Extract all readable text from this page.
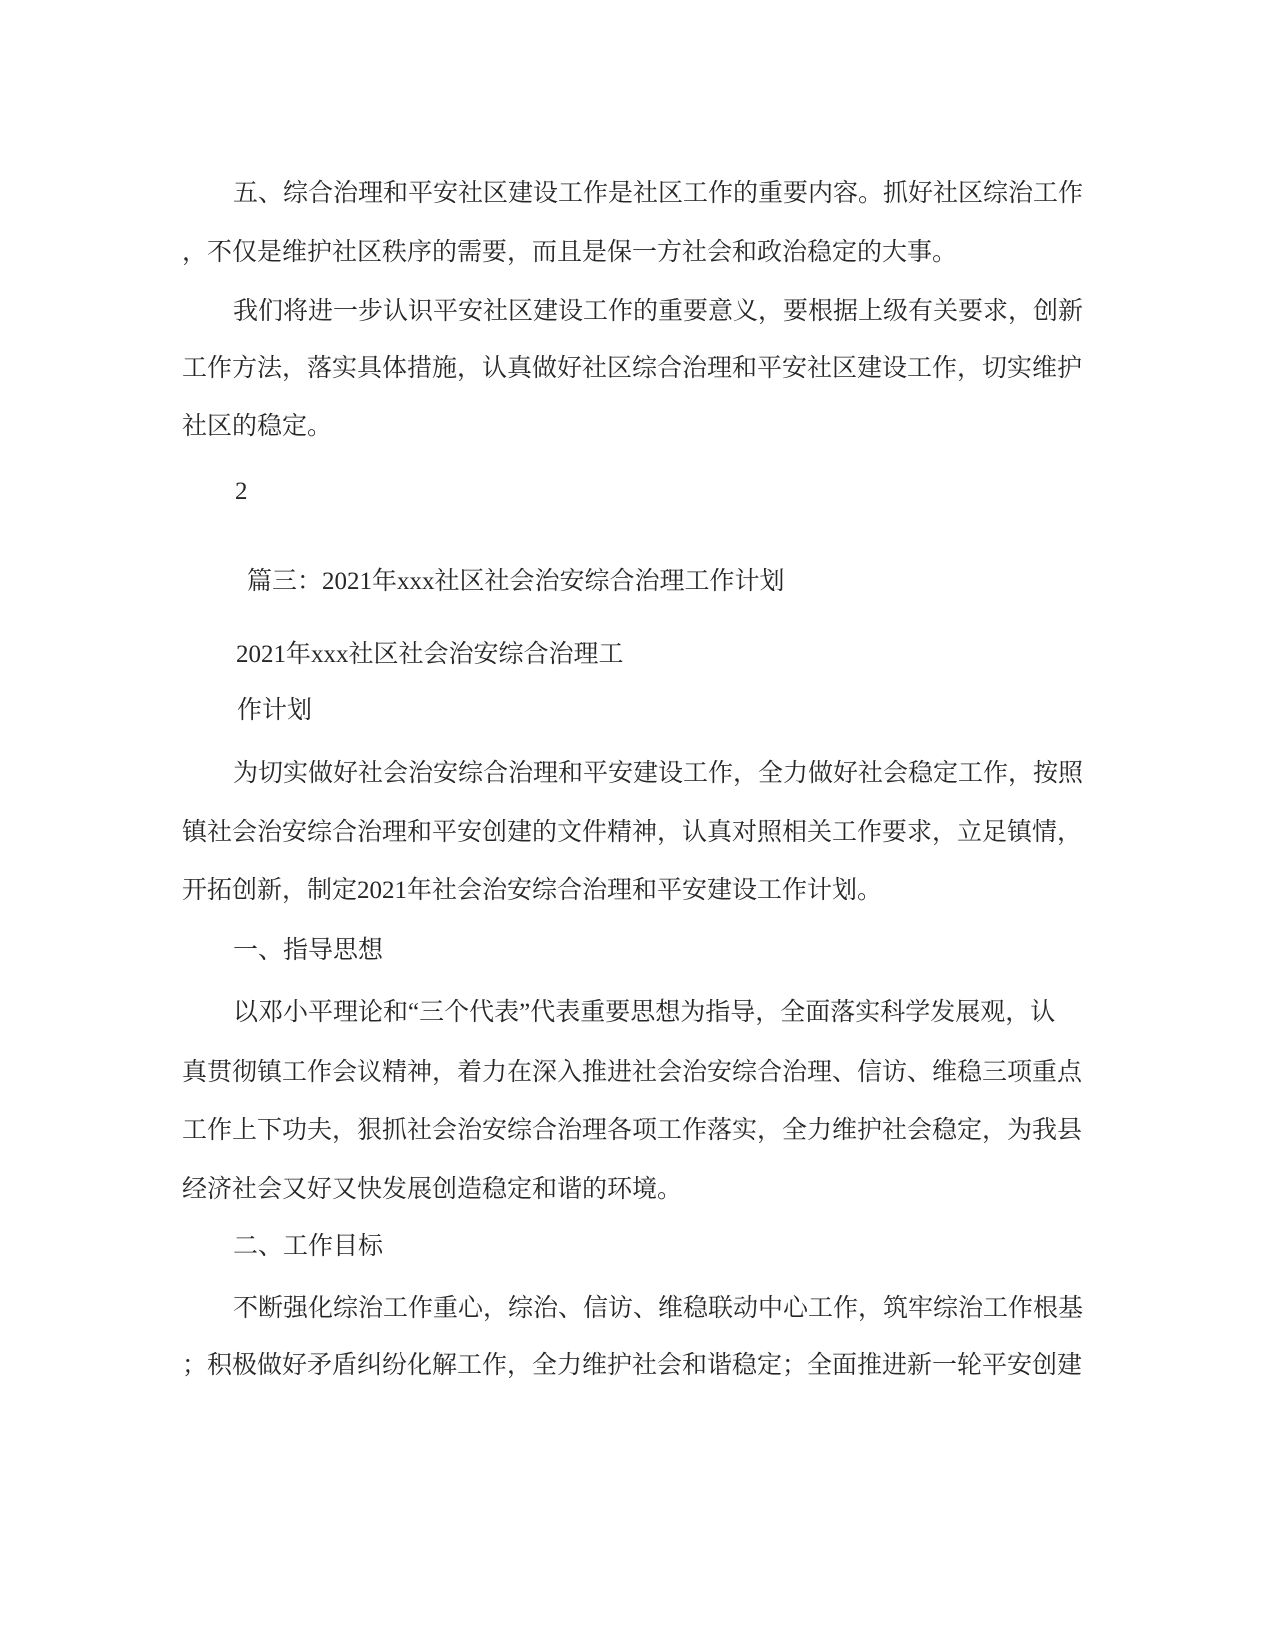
五、综合治理和平安社区建设工作是社区工作的重要内容。抓好社区综治工作
，不仅是维护社区秩序的需要，而且是保一方社会和政治稳定的大事。
我们将进一步认识平安社区建设工作的重要意义，要根据上级有关要求，创新
工作方法，落实具体措施，认真做好社区综合治理和平安社区建设工作，切实维护
社区的稳定。
2
篇三：2021年xxx社区社会治安综合治理工作计划
2021年xxx社区社会治安综合治理工
作计划
为切实做好社会治安综合治理和平安建设工作，全力做好社会稳定工作，按照
镇社会治安综合治理和平安创建的文件精神，认真对照相关工作要求，立足镇情，
开拓创新，制定2021年社会治安综合治理和平安建设工作计划。
一、指导思想
以邓小平理论和“三个代表”代表重要思想为指导，全面落实科学发展观，认
真贯彻镇工作会议精神，着力在深入推进社会治安综合治理、信访、维稳三项重点
工作上下功夫，狠抓社会治安综合治理各项工作落实，全力维护社会稳定，为我县
经济社会又好又快发展创造稳定和谐的环境。
二、工作目标
不断强化综治工作重心，综治、信访、维稳联动中心工作，筑牢综治工作根基
；积极做好矛盾纠纷化解工作，全力维护社会和谐稳定；全面推进新一轮平安创建
